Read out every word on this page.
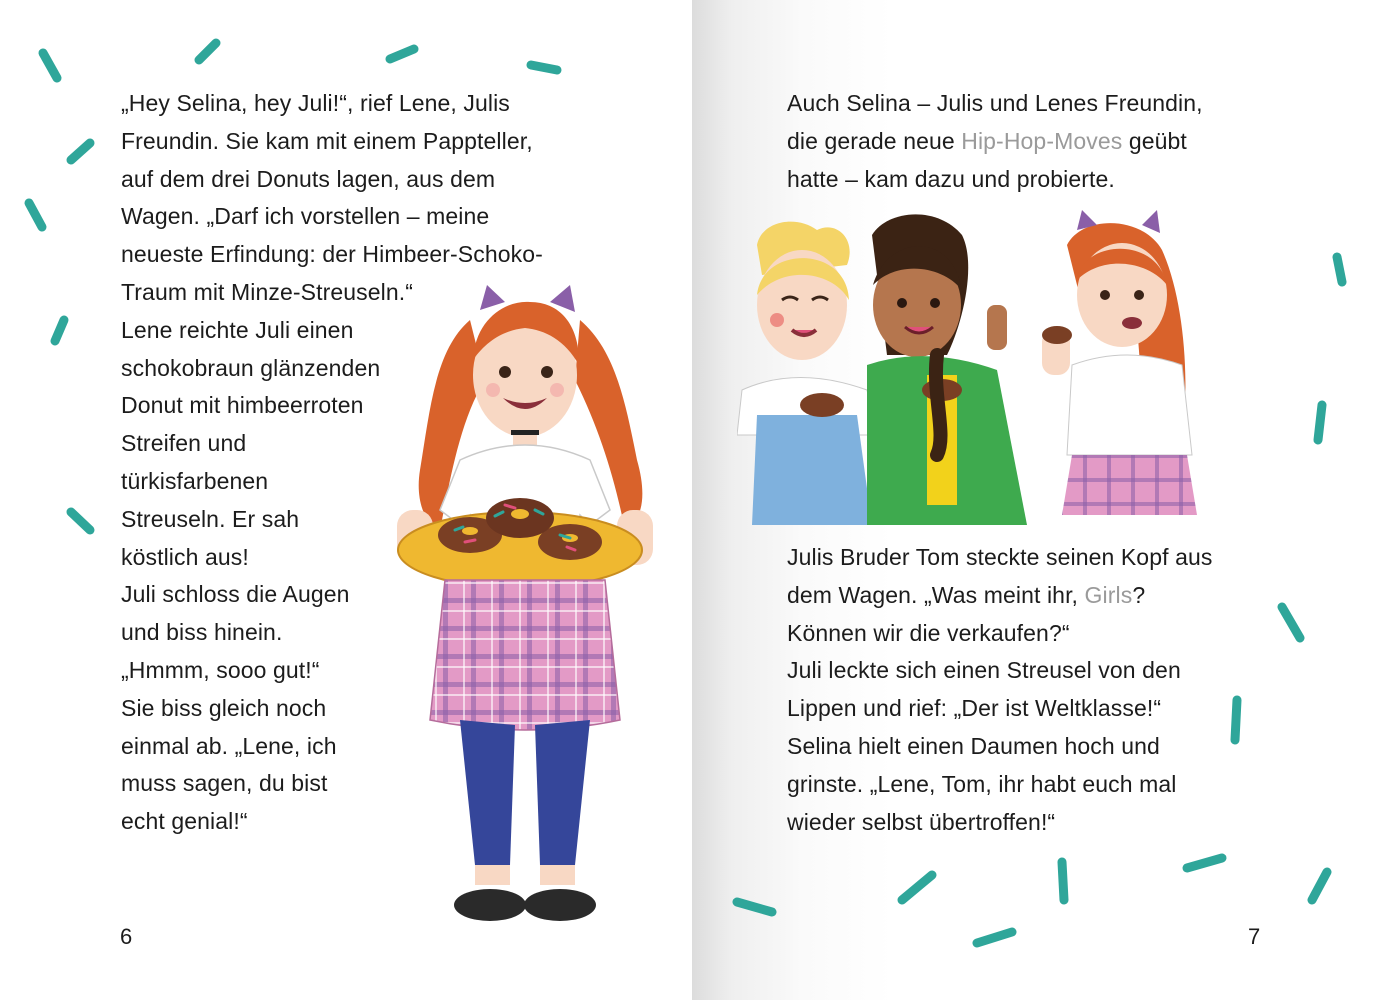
„Hey Selina, hey Juli!“, rief Lene, Julis

Freundin. Sie kam mit einem Pappteller,

auf dem drei Donuts lagen, aus dem

Wagen. „Darf ich vorstellen – meine

neueste Erfindung: der Himbeer-Schoko-

Traum mit Minze-Streuseln.“

Lene reichte Juli einen

schokobraun glänzenden

Donut mit himbeerroten

Streifen und

türkisfarbenen

Streuseln. Er sah

köstlich aus!

Juli schloss die Augen

und biss hinein.

„Hmmm, sooo gut!“

Sie biss gleich noch

einmal ab. „Lene, ich

muss sagen, du bist

echt genial!“

6

Auch Selina – Julis und Lenes Freundin,

die gerade neue Hip-Hop-Moves geübt

hatte – kam dazu und probierte.

Julis Bruder Tom steckte seinen Kopf aus

dem Wagen. „Was meint ihr, Girls?

Können wir die verkaufen?“

Juli leckte sich einen Streusel von den

Lippen und rief: „Der ist Weltklasse!“

Selina hielt einen Daumen hoch und

grinste. „Lene, Tom, ihr habt euch mal

wieder selbst übertroffen!“

7
